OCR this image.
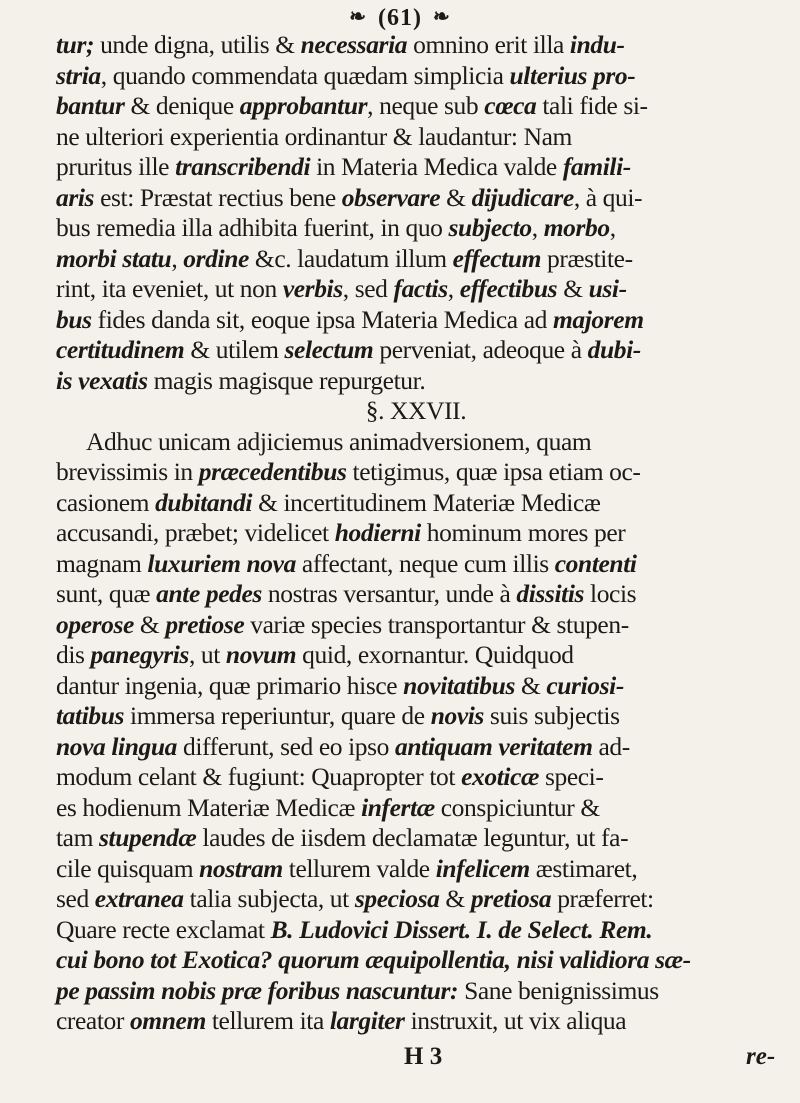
❧ (61) ❧
tur; unde digna, utilis & necessaria omnino erit illa indu-
stria, quando commendata quædam simplicia ulterius pro-
bantur & denique approbantur, neque sub cœca tali fide si-
ne ulteriori experientia ordinantur & laudantur: Nam
pruritus ille transcribendi in Materia Medica valde famili-
aris est: Præstat rectius bene observare & dijudicare, à qui-
bus remedia illa adhibita fuerint, in quo subjecto, morbo,
morbi statu, ordine &c. laudatum illum effectum præstite-
rint, ita eveniet, ut non verbis, sed factis, effectibus & usi-
bus fides danda sit, eoque ipsa Materia Medica ad majorem
certitudinem & utilem selectum perveniat, adeoque à dubi-
is vexatis magis magisque repurgetur.
§. XXVII.
Adhuc unicam adjiciemus animadversionem, quam
brevissimis in præcedentibus tetigimus, quæ ipsa etiam oc-
casionem dubitandi & incertitudinem Materiæ Medicæ
accusandi, præbet; videlicet hodierni hominum mores per
magnam luxuriem nova affectant, neque cum illis contenti
sunt, quæ ante pedes nostras versantur, unde à dissitis locis
operose & pretiose variæ species transportantur & stupen-
dis panegyris, ut novum quid, exornantur. Quidquod
dantur ingenia, quæ primario hisce novitatibus & curiosi-
tatibus immersa reperiuntur, quare de novis suis subjectis
nova lingua differunt, sed eo ipso antiquam veritatem ad-
modum celant & fugiunt: Quapropter tot exoticæ speci-
es hodienum Materiæ Medicæ infertæ conspiciuntur &
tam stupendæ laudes de iisdem declamatæ leguntur, ut fa-
cile quisquam nostram tellurem valde infelicem æstimaret,
sed extranea talia subjecta, ut speciosa & pretiosa præferret:
Quare recte exclamat B. Ludovici Dissert. I. de Select. Rem.
cui bono tot Exotica? quorum æquipollentia, nisi validiora sæ-
pe passim nobis præ foribus nascuntur: Sane benignissimus
creator omnem tellurem ita largiter instruxit, ut vix aliqua
H 3	re-
